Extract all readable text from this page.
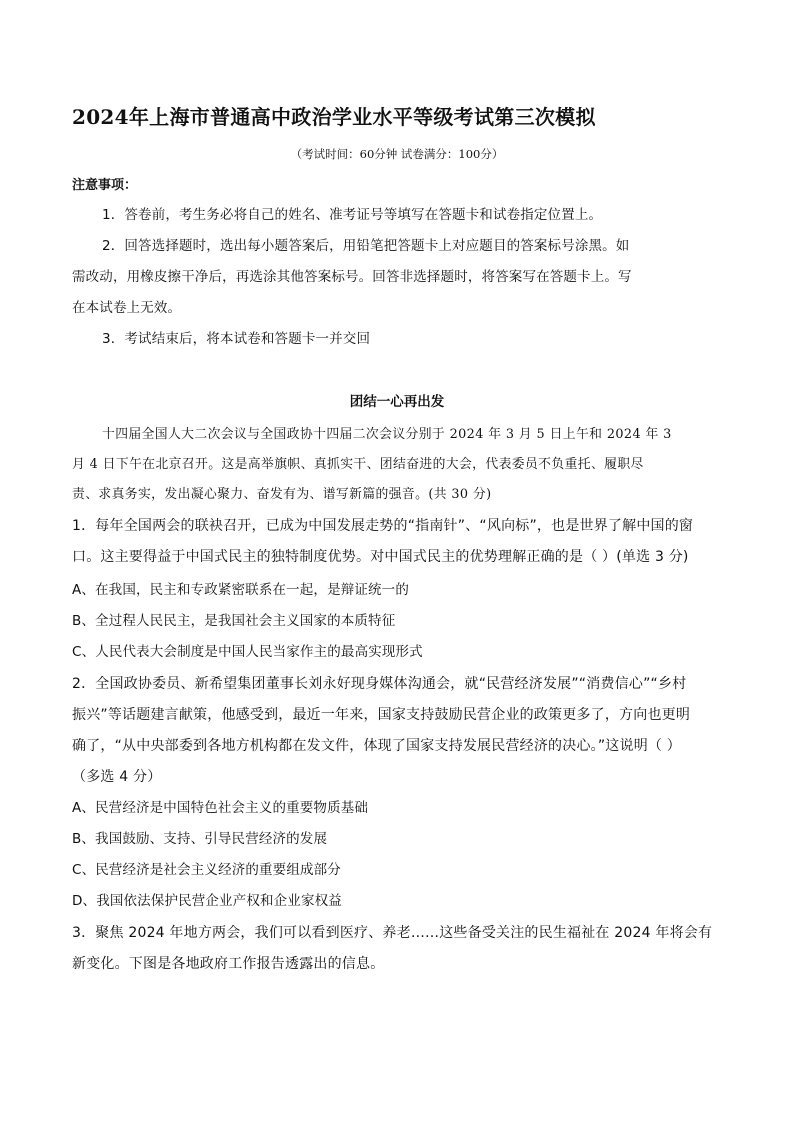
2024年上海市普通高中政治学业水平等级考试第三次模拟
（考试时间：60分钟 试卷满分：100分）
注意事项：
1．答卷前，考生务必将自己的姓名、准考证号等填写在答题卡和试卷指定位置上。
2．回答选择题时，选出每小题答案后，用铅笔把答题卡上对应题目的答案标号涂黑。如
需改动，用橡皮擦干净后，再选涂其他答案标号。回答非选择题时，将答案写在答题卡上。写
在本试卷上无效。
3．考试结束后，将本试卷和答题卡一并交回
团结一心再出发
十四届全国人大二次会议与全国政协十四届二次会议分别于 2024 年 3 月 5 日上午和 2024 年 3
月 4 日下午在北京召开。这是高举旗帜、真抓实干、团结奋进的大会，代表委员不负重托、履职尽
责、求真务实，发出凝心聚力、奋发有为、谱写新篇的强音。(共 30 分)
1．每年全国两会的联袂召开，已成为中国发展走势的“指南针”、“风向标”，也是世界了解中国的窗
口。这主要得益于中国式民主的独特制度优势。对中国式民主的优势理解正确的是（ ）(单选 3 分)
A、在我国，民主和专政紧密联系在一起，是辩证统一的
B、全过程人民民主，是我国社会主义国家的本质特征
C、人民代表大会制度是中国人民当家作主的最高实现形式
2．全国政协委员、新希望集团董事长刘永好现身媒体沟通会，就“民营经济发展”“消费信心”“乡村
振兴”等话题建言献策，他感受到，最近一年来，国家支持鼓励民营企业的政策更多了，方向也更明
确了，“从中央部委到各地方机构都在发文件，体现了国家支持发展民营经济的决心。”这说明（ ）
（多选 4 分）
A、民营经济是中国特色社会主义的重要物质基础
B、我国鼓励、支持、引导民营经济的发展
C、民营经济是社会主义经济的重要组成部分
D、我国依法保护民营企业产权和企业家权益
3．聚焦 2024 年地方两会，我们可以看到医疗、养老……这些备受关注的民生福祉在 2024 年将会有
新变化。下图是各地政府工作报告透露出的信息。
